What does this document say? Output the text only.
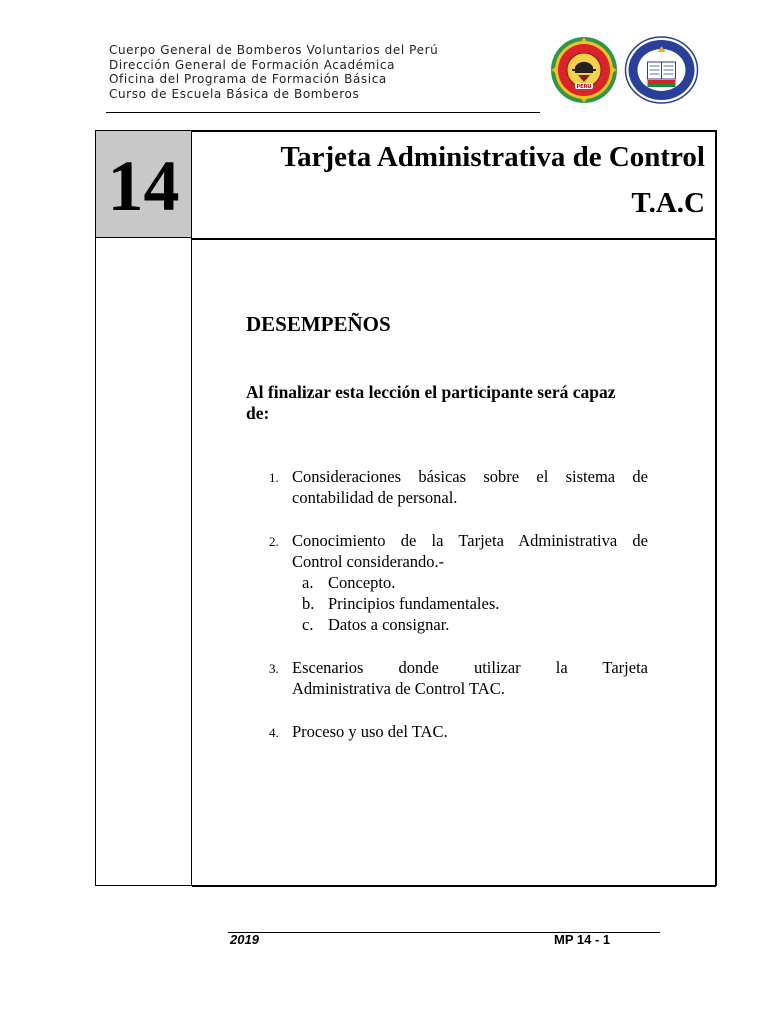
Cuerpo General de Bomberos Voluntarios del Perú
Dirección General de Formación Académica
Oficina del Programa de Formación Básica
Curso de Escuela Básica de Bomberos	PERU
14	Tarjeta Administrativa de Control
T.A.C
DESEMPEÑOS
Al finalizar esta lección el participante será capaz
de:
1. Consideraciones básicas sobre el sistema de contabilidad de personal.
2. Conocimiento de la Tarjeta Administrativa de
Control considerando.-
a. Concepto.
b. Principios fundamentales.
c. Datos a consignar.
3. Escenarios donde utilizar la Tarjeta
Administrativa de Control TAC.
4. Proceso y uso del TAC.
2019	MP 14 - 1
